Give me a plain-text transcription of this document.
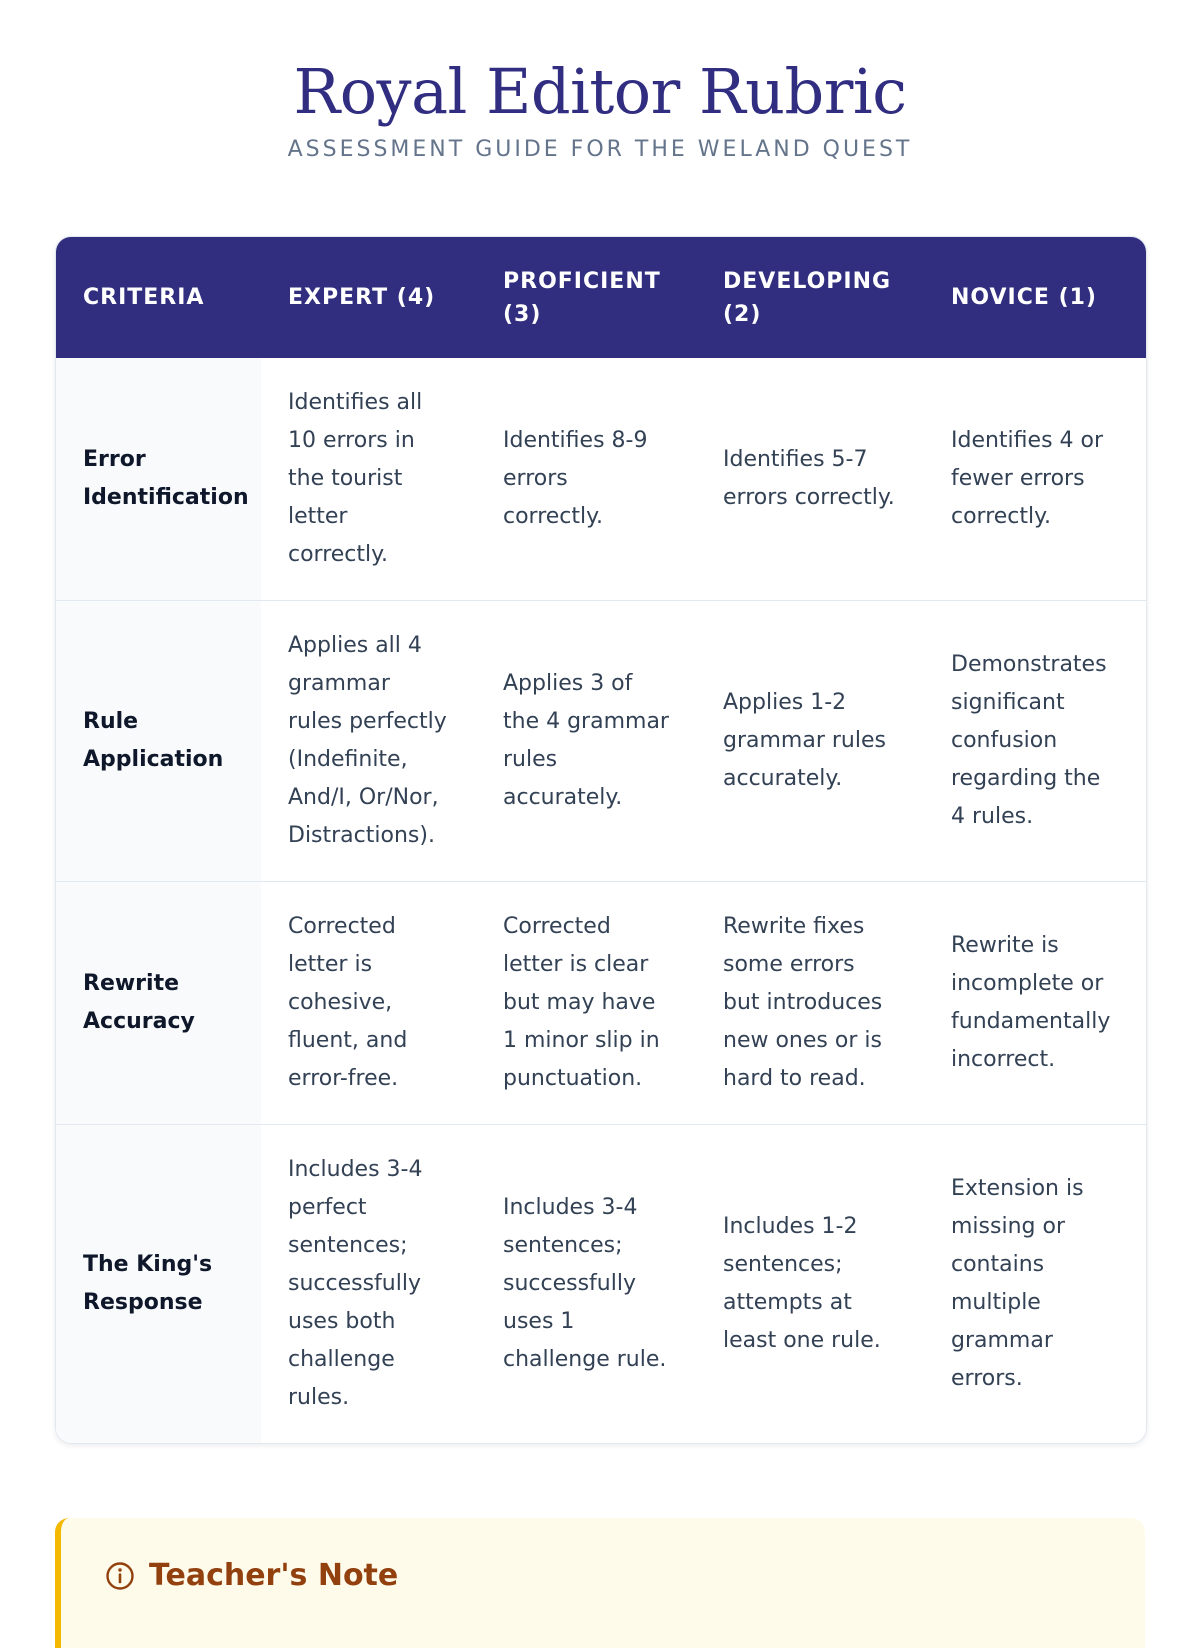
Royal Editor Rubric
ASSESSMENT GUIDE FOR THE WELAND QUEST
CRITERIA	EXPERT (4)	PROFICIENT (3)	DEVELOPING (2)	NOVICE (1)
Error Identification	Identifies all 10 errors in the tourist letter correctly.	Identifies 8-9 errors correctly.	Identifies 5-7 errors correctly.	Identifies 4 or fewer errors correctly.
Rule Application	Applies all 4 grammar rules perfectly (Indefinite, And/I, Or/Nor, Distractions).	Applies 3 of the 4 grammar rules accurately.	Applies 1-2 grammar rules accurately.	Demonstrates significant confusion regarding the 4 rules.
Rewrite Accuracy	Corrected letter is cohesive, fluent, and error-free.	Corrected letter is clear but may have 1 minor slip in punctuation.	Rewrite fixes some errors but introduces new ones or is hard to read.	Rewrite is incomplete or fundamentally incorrect.
The King's Response	Includes 3-4 perfect sentences; successfully uses both challenge rules.	Includes 3-4 sentences; successfully uses 1 challenge rule.	Includes 1-2 sentences; attempts at least one rule.	Extension is missing or contains multiple grammar errors.
Teacher's Note
